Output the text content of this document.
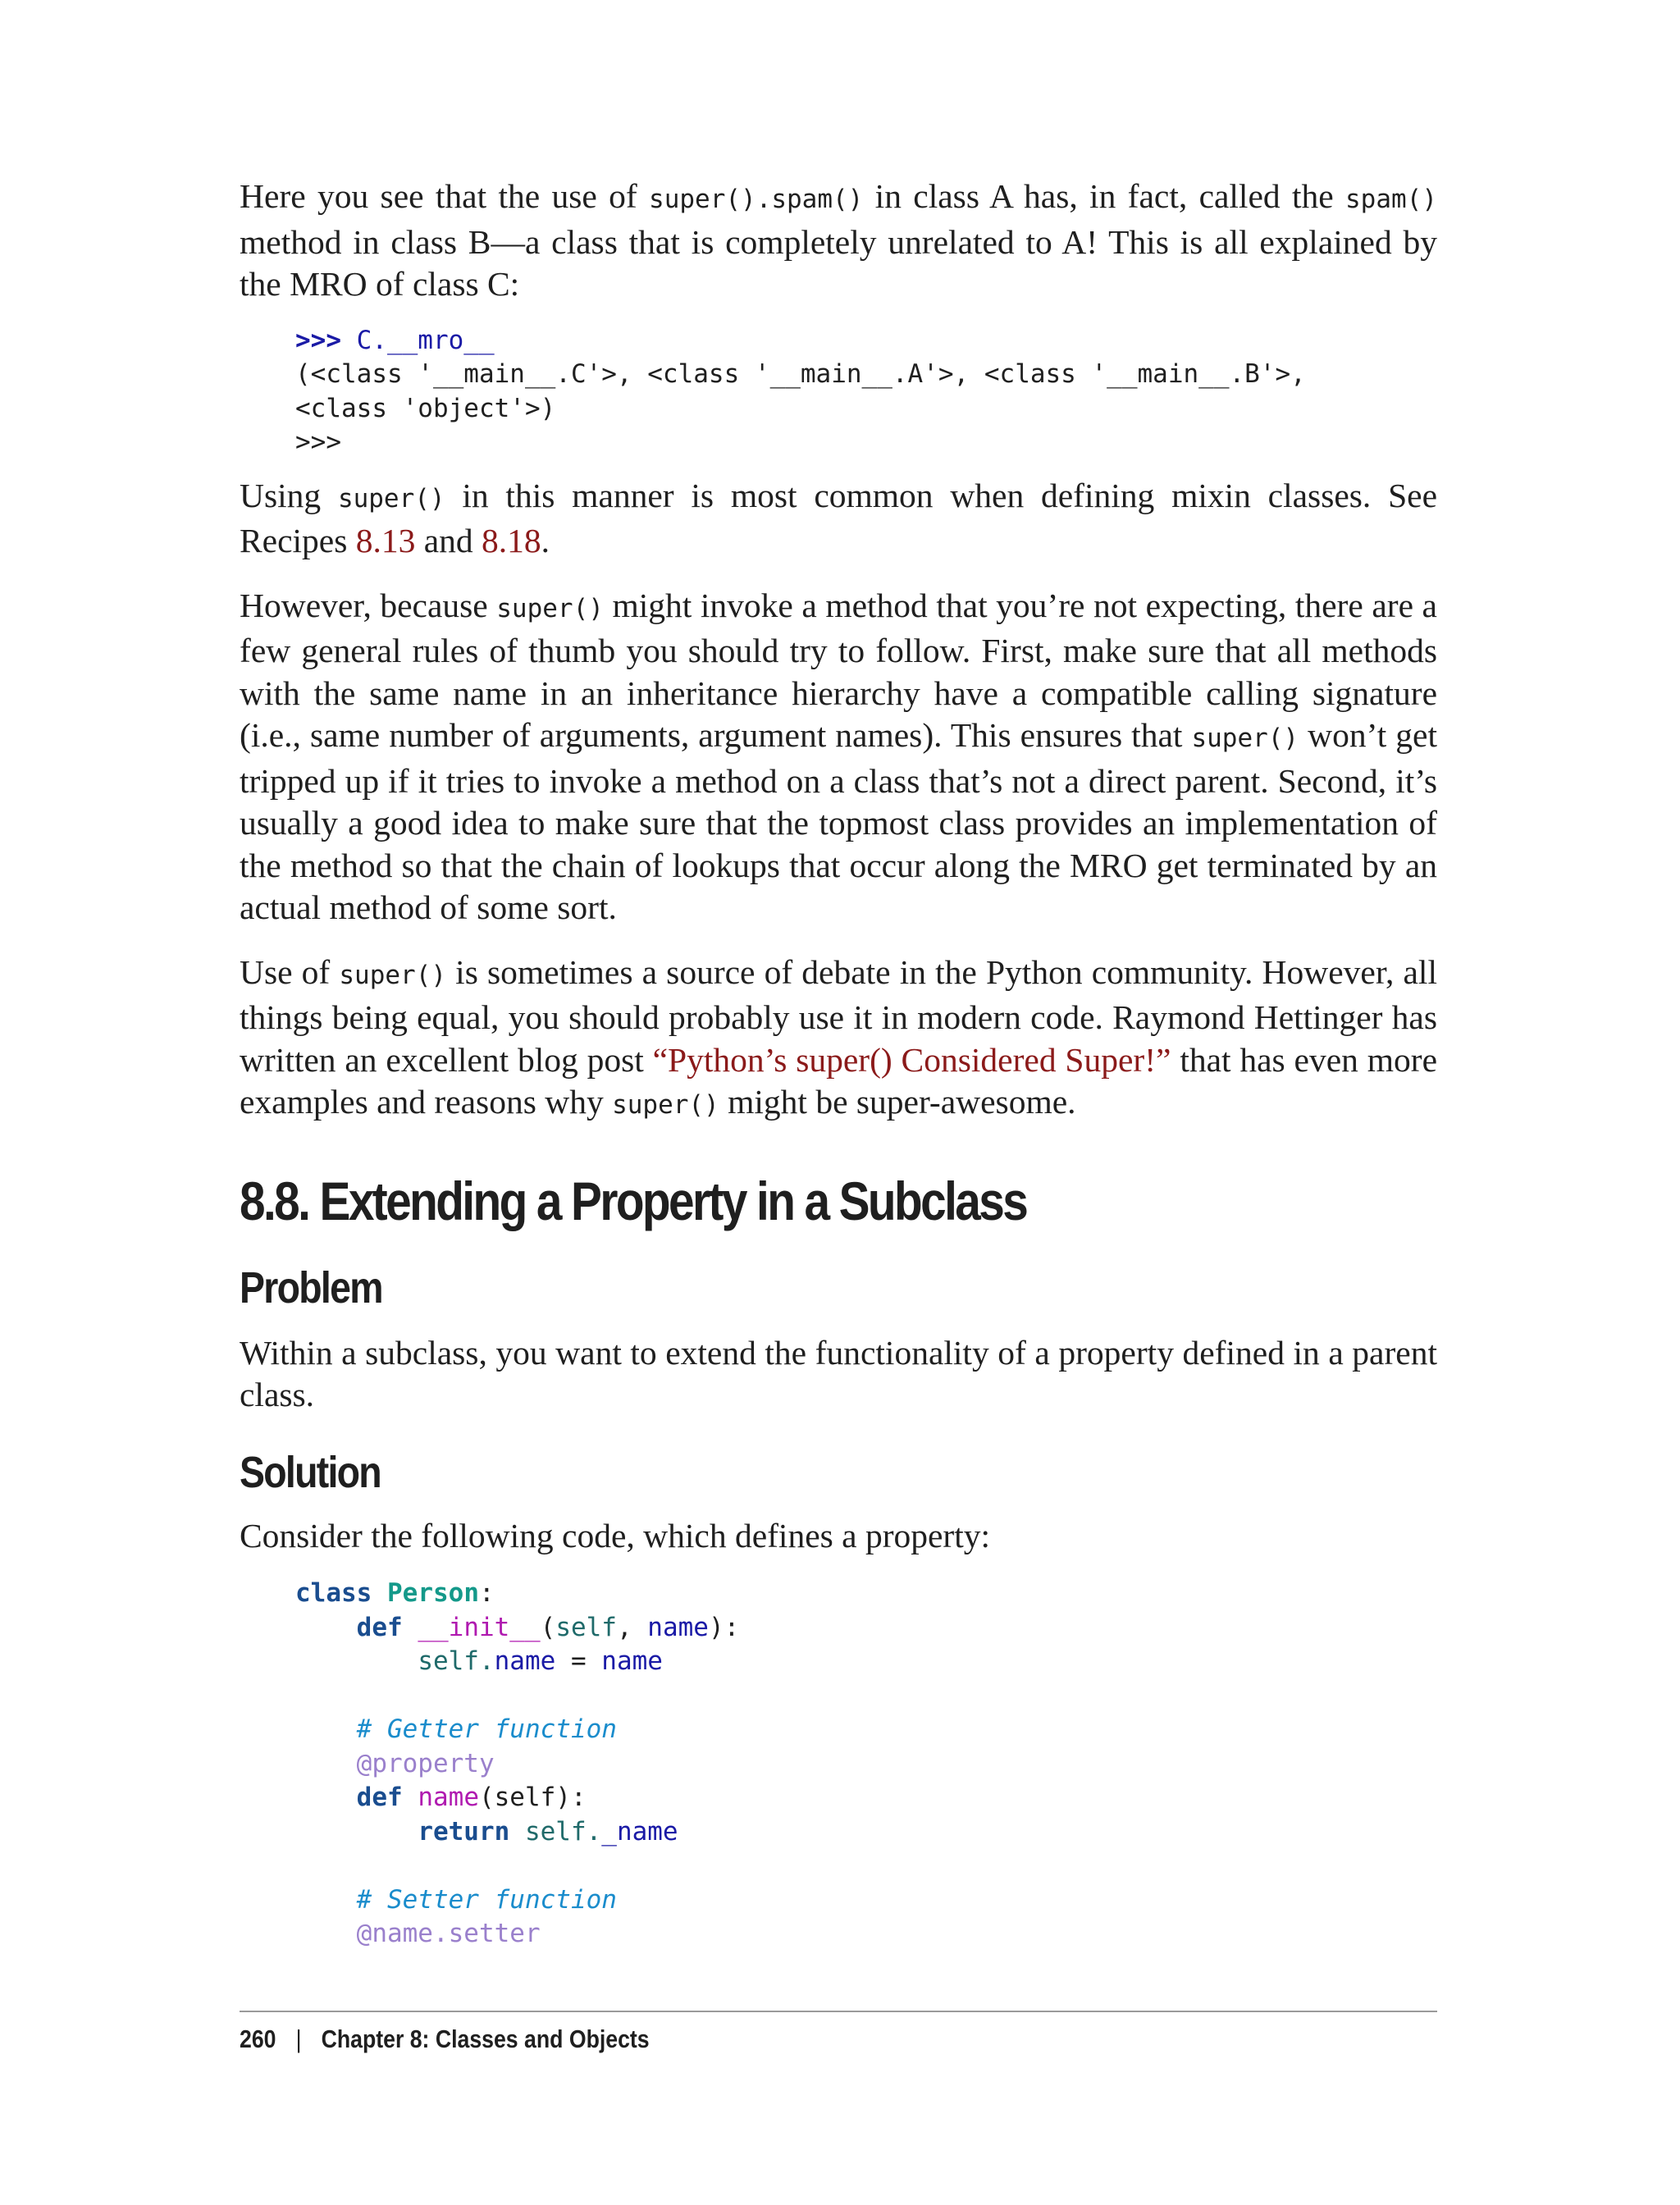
Here you see that the use of super().spam() in class A has, in fact, called the spam() method in class B—a class that is completely unrelated to A! This is all explained by the MRO of class C:

>>> C.__mro__
(<class '__main__.C'>, <class '__main__.A'>, <class '__main__.B'>,
<class 'object'>)
>>>

Using super() in this manner is most common when defining mixin classes. See Recipes 8.13 and 8.18.

However, because super() might invoke a method that you’re not expecting, there are a few general rules of thumb you should try to follow. First, make sure that all methods with the same name in an inheritance hierarchy have a compatible calling signature (i.e., same number of arguments, argument names). This ensures that super() won’t get tripped up if it tries to invoke a method on a class that’s not a direct parent. Second, it’s usually a good idea to make sure that the topmost class provides an implementation of the method so that the chain of lookups that occur along the MRO get terminated by an actual method of some sort.

Use of super() is sometimes a source of debate in the Python community. However, all things being equal, you should probably use it in modern code. Raymond Hettinger has written an excellent blog post “Python’s super() Considered Super!” that has even more examples and reasons why super() might be super-awesome.

8.8. Extending a Property in a Subclass
Problem

Within a subclass, you want to extend the functionality of a property defined in a parent class.

Solution

Consider the following code, which defines a property:

class Person:
def __init__(self, name):
self.name = name

# Getter function
@property
def name(self):
return self._name

# Setter function
@name.setter
260 | Chapter 8: Classes and Objects
